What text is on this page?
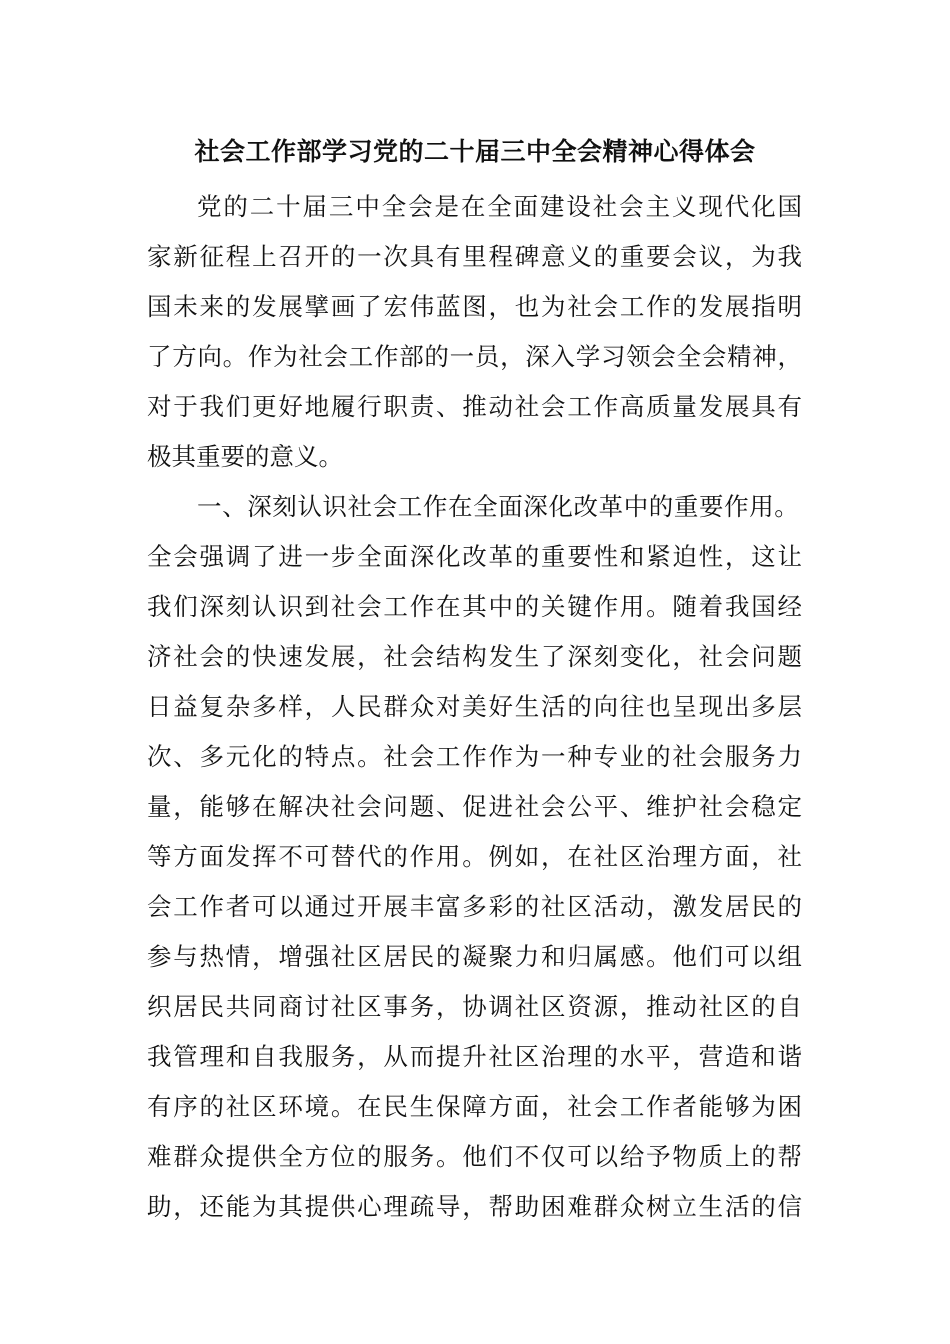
社会工作部学习党的二十届三中全会精神心得体会
党的二十届三中全会是在全面建设社会主义现代化国
家新征程上召开的一次具有里程碑意义的重要会议，为我
国未来的发展擘画了宏伟蓝图，也为社会工作的发展指明
了方向。作为社会工作部的一员，深入学习领会全会精神，
对于我们更好地履行职责、推动社会工作高质量发展具有
极其重要的意义。
一、深刻认识社会工作在全面深化改革中的重要作用。
全会强调了进一步全面深化改革的重要性和紧迫性，这让
我们深刻认识到社会工作在其中的关键作用。随着我国经
济社会的快速发展，社会结构发生了深刻变化，社会问题
日益复杂多样，人民群众对美好生活的向往也呈现出多层
次、多元化的特点。社会工作作为一种专业的社会服务力
量，能够在解决社会问题、促进社会公平、维护社会稳定
等方面发挥不可替代的作用。例如，在社区治理方面，社
会工作者可以通过开展丰富多彩的社区活动，激发居民的
参与热情，增强社区居民的凝聚力和归属感。他们可以组
织居民共同商讨社区事务，协调社区资源，推动社区的自
我管理和自我服务，从而提升社区治理的水平，营造和谐
有序的社区环境。在民生保障方面，社会工作者能够为困
难群众提供全方位的服务。他们不仅可以给予物质上的帮
助，还能为其提供心理疏导，帮助困难群众树立生活的信
